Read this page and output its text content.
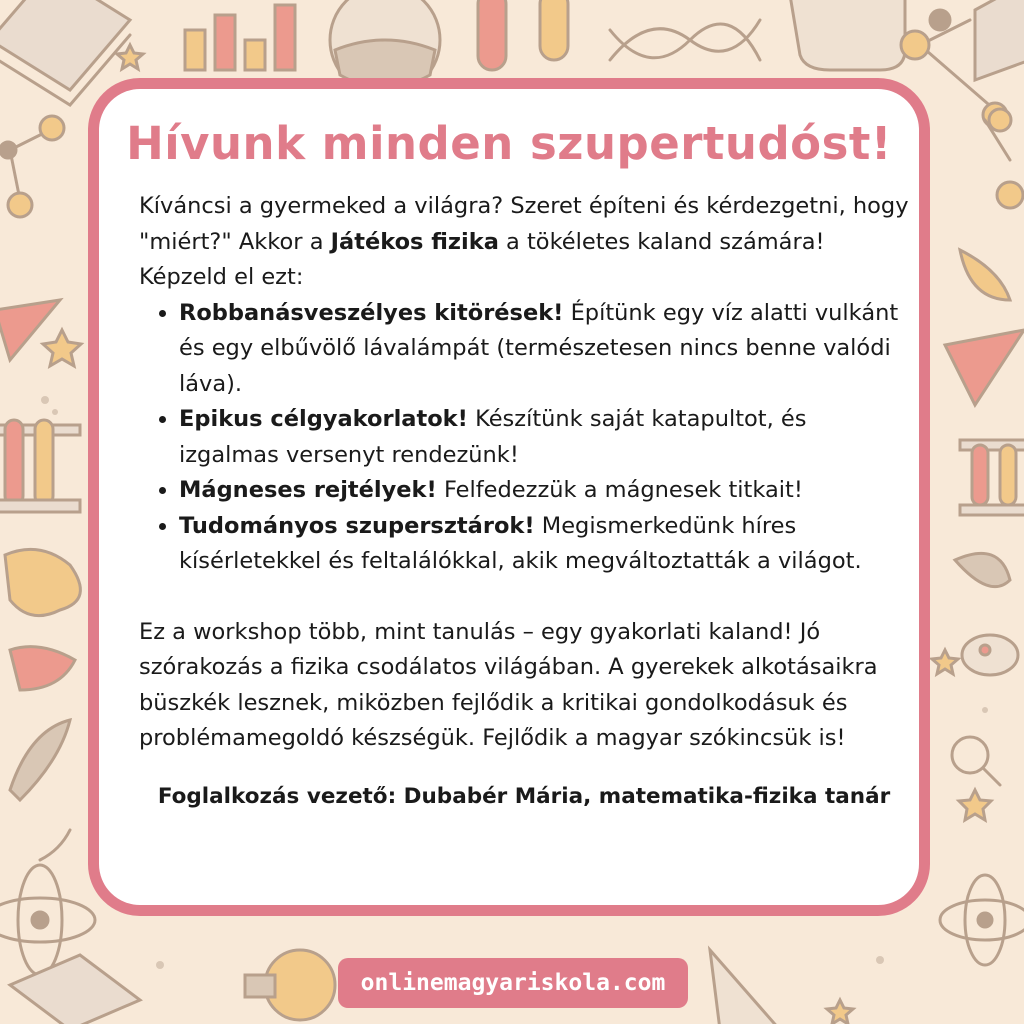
Hívunk minden szupertudóst!

Kíváncsi a gyermeked a világra? Szeret építeni és kérdezgetni, hogy "miért?" Akkor a Játékos fizika a tökéletes kaland számára!

Képzeld el ezt:

• Robbanásveszélyes kitörések! Építünk egy víz alatti vulkánt és egy elbűvölő lávalámpát (természetesen nincs benne valódi láva).
• Epikus célgyakorlatok! Készítünk saját katapultot, és izgalmas versenyt rendezünk!
• Mágneses rejtélyek! Felfedezzük a mágnesek titkait!
• Tudományos szupersztárok! Megismerkedünk híres kísérletekkel és feltalálókkal, akik megváltoztatták a világot.

Ez a workshop több, mint tanulás – egy gyakorlati kaland! Jó szórakozás a fizika csodálatos világában. A gyerekek alkotásaikra büszkék lesznek, miközben fejlődik a kritikai gondolkodásuk és problémamegoldó készségük. Fejlődik a magyar szókincsük is!

Foglalkozás vezető: Dubabér Mária, matematika-fizika tanár

onlinemagyariskola.com
